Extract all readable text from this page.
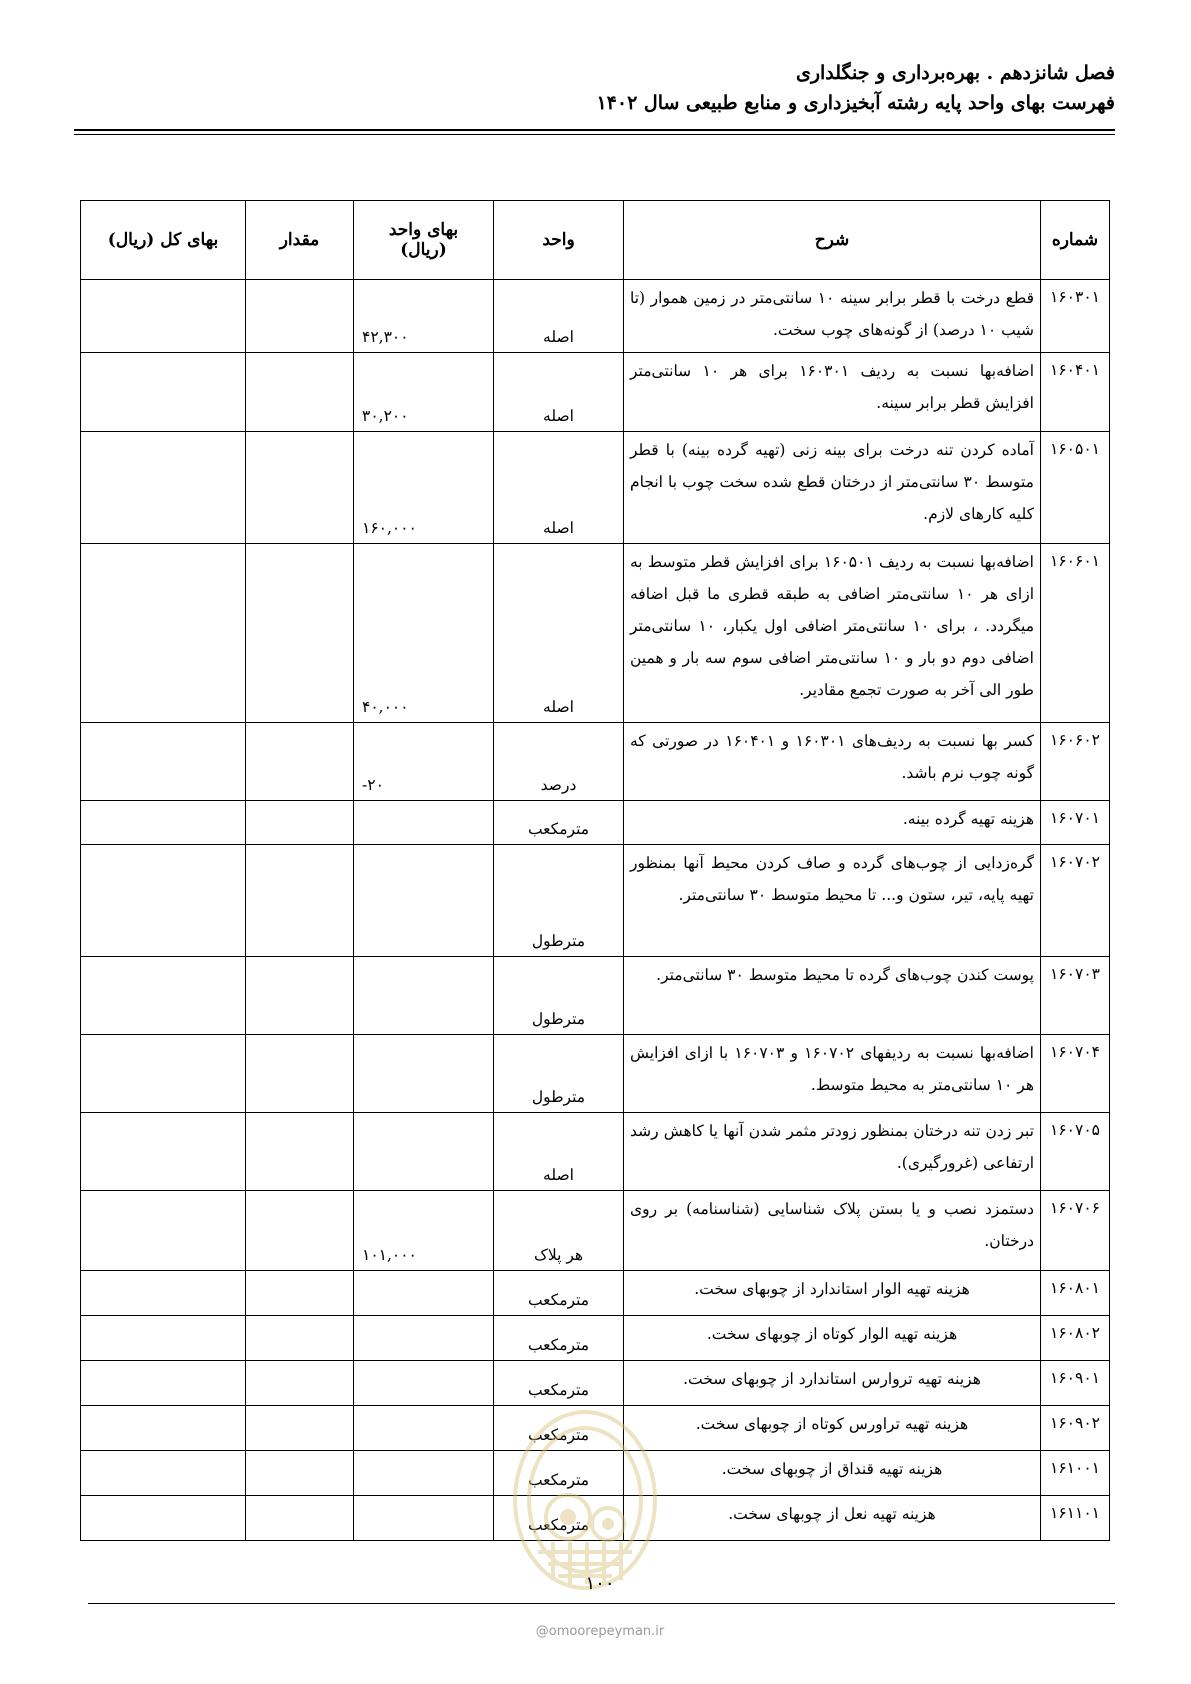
فصل شانزدهم . بهره‌برداری و جنگلداری
فهرست بهای واحد پایه رشته آبخیزداری و منابع طبیعی سال ۱۴۰۲
شماره	شرح	واحد	بهای واحد (ریال)	مقدار	بهای کل (ریال)
۱۶۰۳۰۱	قطع درخت با قطر برابر سینه ۱۰ سانتی‌متر در زمین هموار (تا شیب ۱۰ درصد) از گونه‌های چوب سخت.	اصله	۴۲,۳۰۰		
۱۶۰۴۰۱	اضافه‌بها نسبت به ردیف ۱۶۰۳۰۱ برای هر ۱۰ سانتی‌متر افزایش قطر برابر سینه.	اصله	۳۰,۲۰۰		
۱۶۰۵۰۱	آماده کردن تنه درخت برای بینه زنی (تهیه گرده بینه) با قطر متوسط ۳۰ سانتی‌متر از درختان قطع شده سخت چوب با انجام کلیه کارهای لازم.	اصله	۱۶۰,۰۰۰		
۱۶۰۶۰۱	اضافه‌بها نسبت به ردیف ۱۶۰۵۰۱ برای افزایش قطر متوسط به ازای هر ۱۰ سانتی‌متر اضافی به طبقه قطری ما قبل اضافه میگردد. ، برای ۱۰ سانتی‌متر اضافی اول یکبار، ۱۰ سانتی‌متر اضافی دوم دو بار و ۱۰ سانتی‌متر اضافی سوم سه بار و همین طور الی آخر به صورت تجمع مقادیر.	اصله	۴۰,۰۰۰		
۱۶۰۶۰۲	کسر بها نسبت به ردیف‌های ۱۶۰۳۰۱ و ۱۶۰۴۰۱ در صورتی که گونه چوب نرم باشد.	درصد	-۲۰		
۱۶۰۷۰۱	هزینه تهیه گرده بینه.	مترمکعب			
۱۶۰۷۰۲	گره‌زدایی از چوب‌های گرده و صاف کردن محیط آنها بمنظور تهیه پایه، تیر، ستون و... تا محیط متوسط ۳۰ سانتی‌متر.	مترطول			
۱۶۰۷۰۳	پوست کندن چوب‌های گرده تا محیط متوسط ۳۰ سانتی‌متر.	مترطول			
۱۶۰۷۰۴	اضافه‌بها نسبت به ردیفهای ۱۶۰۷۰۲ و ۱۶۰۷۰۳ با ازای افزایش هر ۱۰ سانتی‌متر به محیط متوسط.	مترطول			
۱۶۰۷۰۵	تبر زدن تنه درختان بمنظور زودتر مثمر شدن آنها یا کاهش رشد ارتفاعی (غرورگیری).	اصله			
۱۶۰۷۰۶	دستمزد نصب و یا بستن پلاک شناسایی (شناسنامه) بر روی درختان.	هر پلاک	۱۰۱,۰۰۰		
۱۶۰۸۰۱	هزینه تهیه الوار استاندارد از چوبهای سخت.	مترمکعب			
۱۶۰۸۰۲	هزینه تهیه الوار کوتاه از چوبهای سخت.	مترمکعب			
۱۶۰۹۰۱	هزینه تهیه تروارس استاندارد از چوبهای سخت.	مترمکعب			
۱۶۰۹۰۲	هزینه تهیه تراورس کوتاه از چوبهای سخت.	مترمکعب			
۱۶۱۰۰۱	هزینه تهیه قنداق از چوبهای سخت.	مترمکعب			
۱۶۱۱۰۱	هزینه تهیه نعل از چوبهای سخت.	مترمکعب			
۱۰۰
@omoorepeyman.ir
